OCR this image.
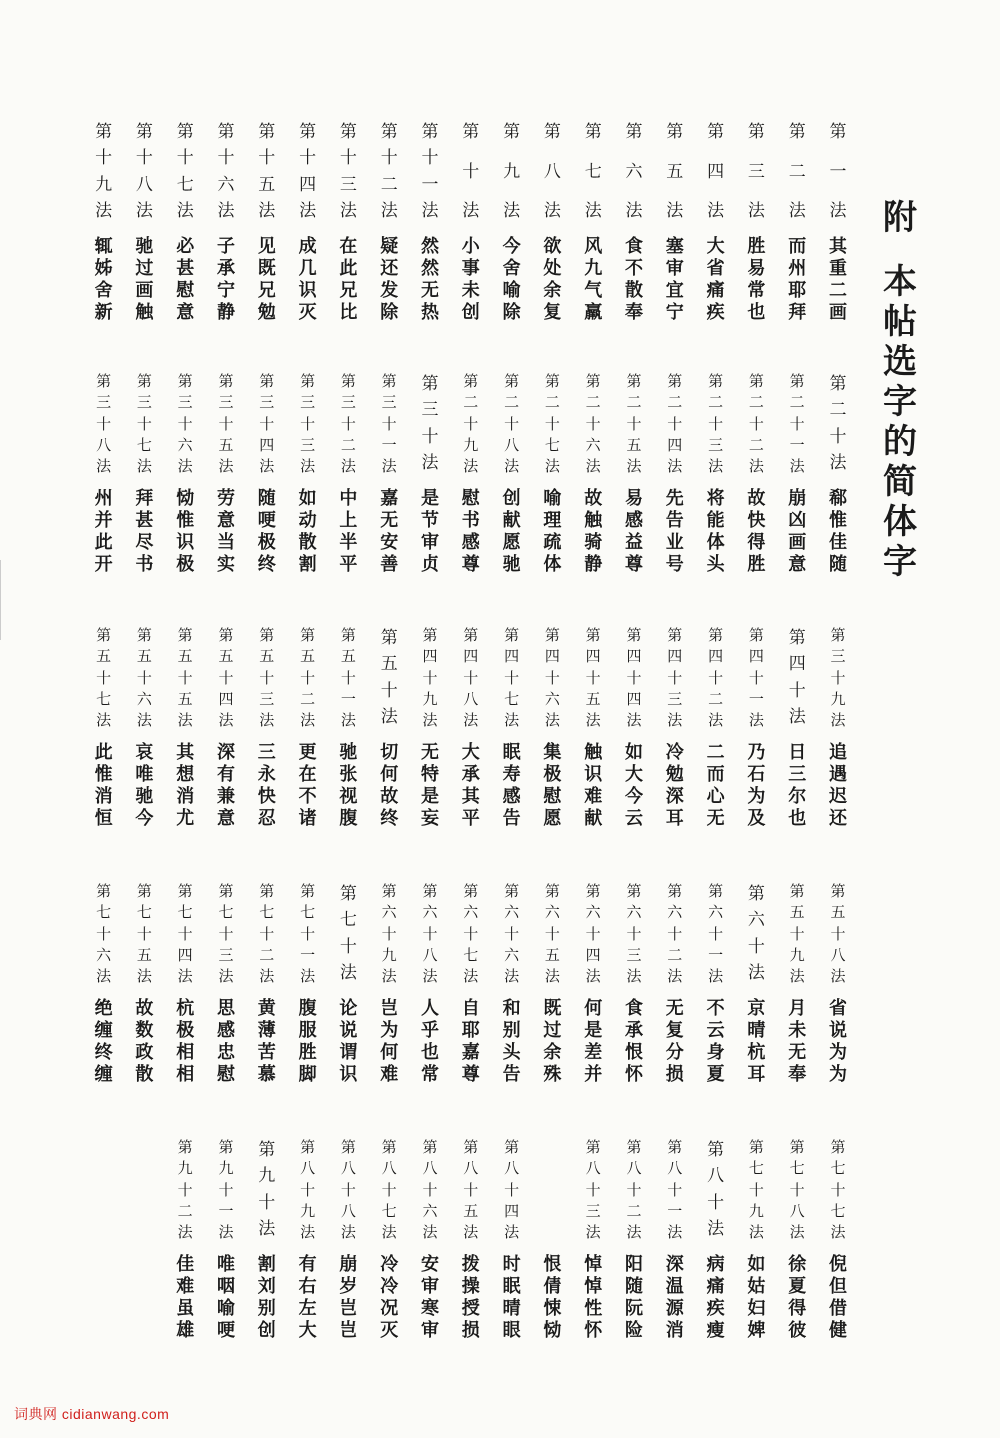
附
本
帖
选
字
的
简
体
字
第
一
法
其
重
二
画
第
二
法
而
州
耶
拜
第
三
法
胜
易
常
也
第
四
法
大
省
痛
疾
第
五
法
塞
审
宜
宁
第
六
法
食
不
散
奉
第
七
法
风
九
气
羸
第
八
法
欲
处
余
复
第
九
法
今
舍
喻
除
第
十
法
小
事
未
创
第
十
一
法
然
然
无
热
第
十
二
法
疑
还
发
除
第
十
三
法
在
此
兄
比
第
十
四
法
成
几
识
灭
第
十
五
法
见
既
兄
勉
第
十
六
法
子
承
宁
静
第
十
七
法
必
甚
慰
意
第
十
八
法
驰
过
画
触
第
十
九
法
辄
姊
舍
新
第
二
十
法
郗
惟
佳
随
第
二
十
一
法
崩
凶
画
意
第
二
十
二
法
故
快
得
胜
第
二
十
三
法
将
能
体
头
第
二
十
四
法
先
告
业
号
第
二
十
五
法
易
感
益
尊
第
二
十
六
法
故
触
骑
静
第
二
十
七
法
喻
理
疏
体
第
二
十
八
法
创
献
愿
驰
第
二
十
九
法
慰
书
感
尊
第
三
十
法
是
节
审
贞
第
三
十
一
法
嘉
无
安
善
第
三
十
二
法
中
上
半
平
第
三
十
三
法
如
动
散
割
第
三
十
四
法
随
哽
极
终
第
三
十
五
法
劳
意
当
实
第
三
十
六
法
恸
惟
识
极
第
三
十
七
法
拜
甚
尽
书
第
三
十
八
法
州
并
此
开
第
三
十
九
法
追
遇
迟
还
第
四
十
法
日
三
尔
也
第
四
十
一
法
乃
石
为
及
第
四
十
二
法
二
而
心
无
第
四
十
三
法
冷
勉
深
耳
第
四
十
四
法
如
大
今
云
第
四
十
五
法
触
识
难
献
第
四
十
六
法
集
极
慰
愿
第
四
十
七
法
眠
寿
感
告
第
四
十
八
法
大
承
其
平
第
四
十
九
法
无
特
是
妄
第
五
十
法
切
何
故
终
第
五
十
一
法
驰
张
视
腹
第
五
十
二
法
更
在
不
诸
第
五
十
三
法
三
永
快
忍
第
五
十
四
法
深
有
兼
意
第
五
十
五
法
其
想
消
尤
第
五
十
六
法
哀
唯
驰
今
第
五
十
七
法
此
惟
消
恒
第
五
十
八
法
省
说
为
为
第
五
十
九
法
月
未
无
奉
第
六
十
法
京
晴
杭
耳
第
六
十
一
法
不
云
身
夏
第
六
十
二
法
无
复
分
损
第
六
十
三
法
食
承
恨
怀
第
六
十
四
法
何
是
差
并
第
六
十
五
法
既
过
余
殊
第
六
十
六
法
和
别
头
告
第
六
十
七
法
自
耶
嘉
尊
第
六
十
八
法
人
乎
也
常
第
六
十
九
法
岂
为
何
难
第
七
十
法
论
说
谓
识
第
七
十
一
法
腹
服
胜
脚
第
七
十
二
法
黄
薄
苦
慕
第
七
十
三
法
思
感
忠
慰
第
七
十
四
法
杭
极
相
相
第
七
十
五
法
故
数
政
散
第
七
十
六
法
绝
缠
终
缠
第
七
十
七
法
倪
但
借
健
第
七
十
八
法
徐
夏
得
彼
第
七
十
九
法
如
姑
妇
婢
第
八
十
法
病
痛
疾
瘦
第
八
十
一
法
深
温
源
消
第
八
十
二
法
阳
随
阮
险
第
八
十
三
法
悼
悼
性
怀
恨
倩
悚
恸
第
八
十
四
法
时
眠
晴
眼
第
八
十
五
法
拨
操
授
损
第
八
十
六
法
安
审
寒
审
第
八
十
七
法
冷
冷
况
灭
第
八
十
八
法
崩
岁
岂
岂
第
八
十
九
法
有
右
左
大
第
九
十
法
割
刘
别
创
第
九
十
一
法
唯
咽
喻
哽
第
九
十
二
法
佳
难
虽
雄
词典网 cidianwang.com
